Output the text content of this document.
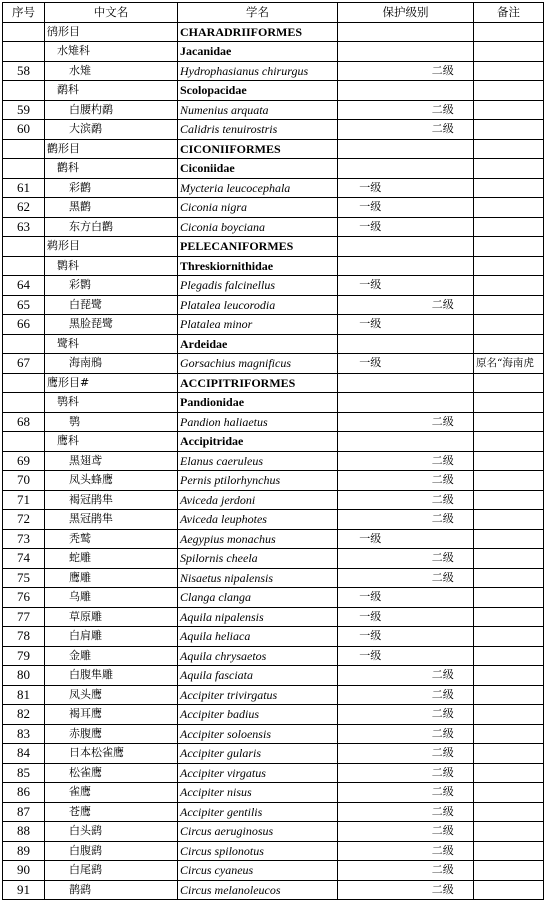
序号	中文名	学名	保护级别	备注
	鸻形目	CHARADRIIFORMES	

	水雉科	Jacanidae	

58	水雉	Hydrophasianus chirurgus	二级	

	鹬科	Scolopacidae	

59	白腰杓鹬	Numenius arquata	二级	

60	大滨鹬	Calidris tenuirostris	二级	

	鹳形目	CICONIIFORMES	

	鹳科	Ciconiidae	

61	彩鹳	Mycteria leucocephala	一级	

62	黑鹳	Ciconia nigra	一级	

63	东方白鹳	Ciconia boyciana	一级	

	鹈形目	PELECANIFORMES	

	鹮科	Threskiornithidae	

64	彩鹮	Plegadis falcinellus	一级	

65	白琵鹭	Platalea leucorodia	二级	

66	黑脸琵鹭	Platalea minor	一级	

	鹭科	Ardeidae	

67	海南鳽	Gorsachius magnificus	一级	原名“海南虎
	鹰形目#	ACCIPITRIFORMES	

	鹗科	Pandionidae	

68	鹗	Pandion haliaetus	二级	

	鹰科	Accipitridae	

69	黑翅鸢	Elanus caeruleus	二级	

70	凤头蜂鹰	Pernis ptilorhynchus	二级	

71	褐冠鹃隼	Aviceda jerdoni	二级	

72	黑冠鹃隼	Aviceda leuphotes	二级	

73	秃鹫	Aegypius monachus	一级	

74	蛇雕	Spilornis cheela	二级	

75	鹰雕	Nisaetus nipalensis	二级	

76	乌雕	Clanga clanga	一级	

77	草原雕	Aquila nipalensis	一级	

78	白肩雕	Aquila heliaca	一级	

79	金雕	Aquila chrysaetos	一级	

80	白腹隼雕	Aquila fasciata	二级	

81	凤头鹰	Accipiter trivirgatus	二级	

82	褐耳鹰	Accipiter badius	二级	

83	赤腹鹰	Accipiter soloensis	二级	

84	日本松雀鹰	Accipiter gularis	二级	

85	松雀鹰	Accipiter virgatus	二级	

86	雀鹰	Accipiter nisus	二级	

87	苍鹰	Accipiter gentilis	二级	

88	白头鹞	Circus aeruginosus	二级	

89	白腹鹞	Circus spilonotus	二级	

90	白尾鹞	Circus cyaneus	二级	

91	鹊鹞	Circus melanoleucos	二级	
